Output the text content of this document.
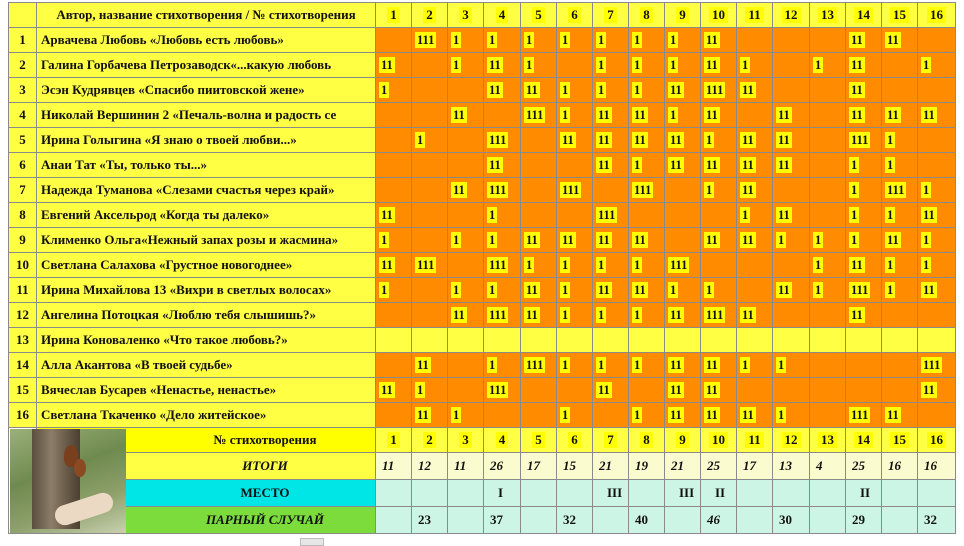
	Автор, название стихотворения / № стихотворения	1	2	3	4	5	6	7	8	9	10	11	12	13	14	15	16
1	Арвачева Любовь «Любовь есть любовь»		111	1	1	1	1	1	1	1	11				11	11	
2	Галина Горбачева Петрозаводск«...какую любовь	11		1	11	1		1	1	1	11	1		1	11		1
3	Эсэн Кудрявцев «Спасибо пиитовской жене»	1			11	11	1	1	1	11	111	11			11		
4	Николай Вершинин 2 «Печаль-волна и радость се			11		111	1	11	11	1	11		11		11	11	11
5	Ирина Голыгина «Я знаю о твоей любви...»		1		111		11	11	11	11	1	11	11		111	1	
6	Анаи Тат «Ты, только ты...»				11			11	1	11	11	11	11		1	1	
7	Надежда Туманова «Слезами счастья через край»			11	111		111		111		1	11			1	111	1
8	Евгений Аксельрод «Когда ты далеко»	11			1			111				1	11		1	1	11
9	Клименко Ольга«Нежный запах розы и жасмина»	1		1	1	11	11	11	11		11	11	1	1	1	11	1
10	Светлана Салахова «Грустное новогоднее»	11	111		111	1	1	1	1	111				1	11	1	1
11	Ирина Михайлова 13 «Вихри в светлых волосах»	1		1	1	11	1	11	11	1	1		11	1	111	1	11
12	Ангелина Потоцкая «Люблю тебя слышишь?»			11	111	11	1	1	1	11	111	11			11		
13	Ирина Коноваленко «Что такое любовь?»																
14	Алла Акантова «В твоей судьбе»		11		1	111	1	1	1	11	11	1	1				111
15	Вячеслав Бусарев «Ненастье, ненастье»	11	1		111			11		11	11						11
16	Светлана Ткаченко «Дело житейское»		11	1			1		1	11	11	11	1		111	11	
	№ стихотворения	1	2	3	4	5	6	7	8	9	10	11	12	13	14	15	16
	ИТОГИ	11	12	11	26	17	15	21	19	21	25	17	13	4	25	16	16
	МЕСТО				I			III		III	II				II		
	ПАРНЫЙ СЛУЧАЙ		23		37		32		40		46		30		29		32
